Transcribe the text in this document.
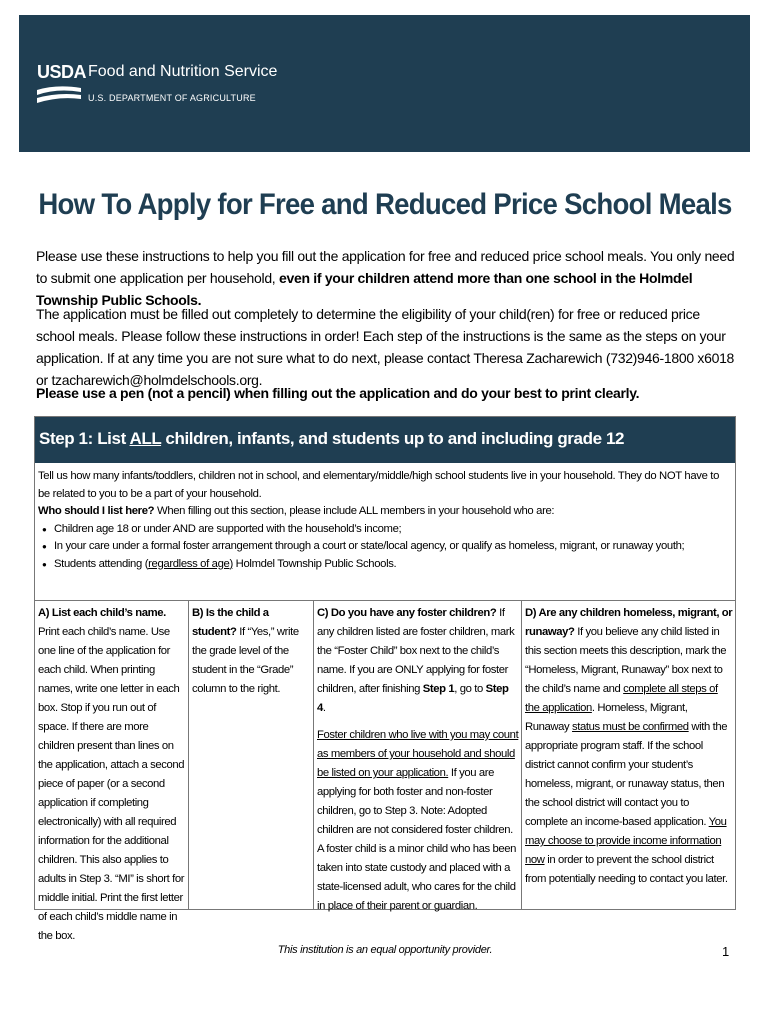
USDA Food and Nutrition Service
U.S. DEPARTMENT OF AGRICULTURE
How To Apply for Free and Reduced Price School Meals
Please use these instructions to help you fill out the application for free and reduced price school meals. You only need to submit one application per household, even if your children attend more than one school in the Holmdel Township Public Schools.
The application must be filled out completely to determine the eligibility of your child(ren) for free or reduced price school meals. Please follow these instructions in order! Each step of the instructions is the same as the steps on your application. If at any time you are not sure what to do next, please contact Theresa Zacharewich (732)946-1800 x6018 or tzacharewich@holmdelschools.org.
Please use a pen (not a pencil) when filling out the application and do your best to print clearly.
Step 1: List ALL children, infants, and students up to and including grade 12
Tell us how many infants/toddlers, children not in school, and elementary/middle/high school students live in your household. They do NOT have to be related to you to be a part of your household.
Who should I list here? When filling out this section, please include ALL members in your household who are:
● Children age 18 or under AND are supported with the household’s income;
● In your care under a formal foster arrangement through a court or state/local agency, or qualify as homeless, migrant, or runaway youth;
● Students attending (regardless of age) Holmdel Township Public Schools.
A) List each child’s name. Print each child’s name. Use one line of the application for each child. When printing names, write one letter in each box. Stop if you run out of space. If there are more children present than lines on the application, attach a second piece of paper (or a second application if completing electronically) with all required information for the additional children. This also applies to adults in Step 3. “MI” is short for middle initial. Print the first letter of each child’s middle name in the box.
B) Is the child a student? If “Yes,” write the grade level of the student in the “Grade” column to the right.
C) Do you have any foster children? If any children listed are foster children, mark the “Foster Child” box next to the child’s name. If you are ONLY applying for foster children, after finishing Step 1, go to Step 4.
Foster children who live with you may count as members of your household and should be listed on your application. If you are applying for both foster and non-foster children, go to Step 3. Note: Adopted children are not considered foster children. A foster child is a minor child who has been taken into state custody and placed with a state-licensed adult, who cares for the child in place of their parent or guardian.
D) Are any children homeless, migrant, or runaway? If you believe any child listed in this section meets this description, mark the “Homeless, Migrant, Runaway” box next to the child’s name and complete all steps of the application. Homeless, Migrant, Runaway status must be confirmed with the appropriate program staff. If the school district cannot confirm your student’s homeless, migrant, or runaway status, then the school district will contact you to complete an income-based application. You may choose to provide income information now in order to prevent the school district from potentially needing to contact you later.
This institution is an equal opportunity provider.	1
